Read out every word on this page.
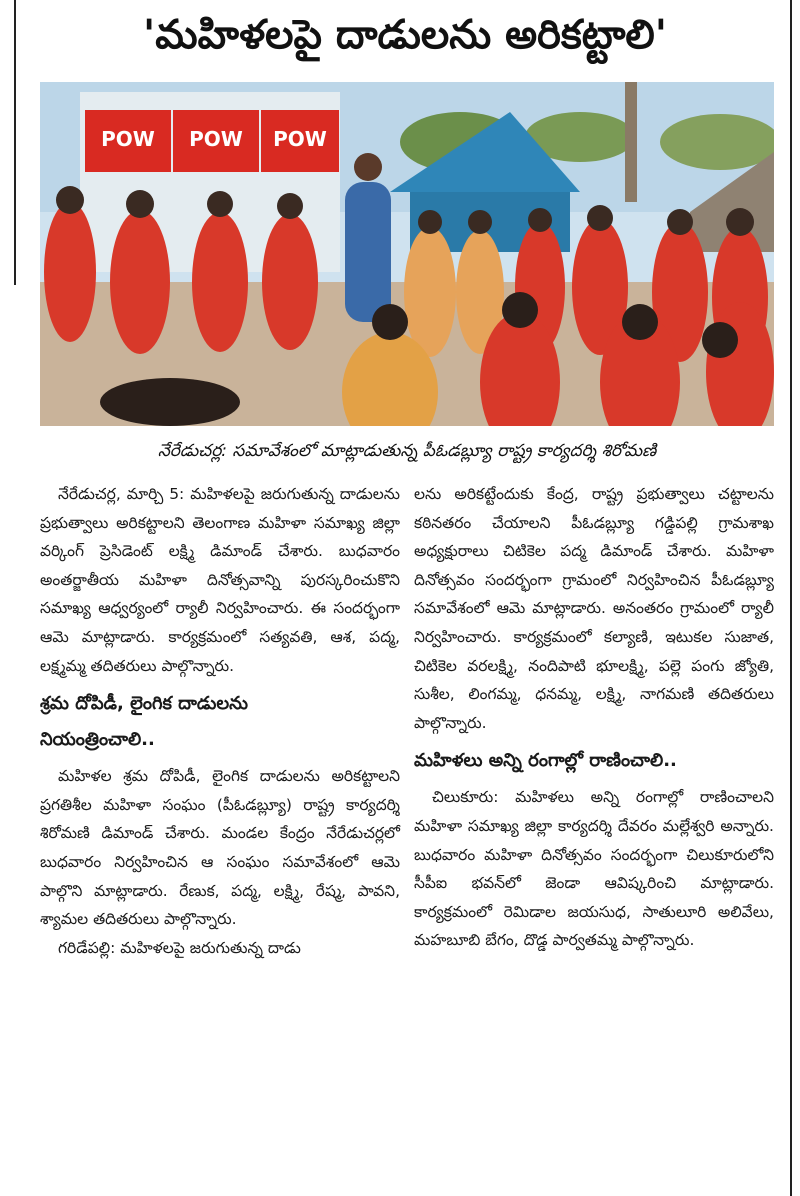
'మహిళలపై దాడులను అరికట్టాలి'
POW POW POW
నేరేడుచర్ల: సమావేశంలో మాట్లాడుతున్న పీఓడబ్ల్యూ రాష్ట్ర కార్యదర్శి శిరోమణి

నేరేడుచర్ల, మార్చి 5: మహిళలపై జరుగుతున్న దాడులను ప్రభుత్వాలు అరికట్టాలని తెలంగాణ మహిళా సమాఖ్య జిల్లా వర్కింగ్ ప్రెసిడెంట్ లక్ష్మి డిమాండ్ చేశారు. బుధవారం అంతర్జాతీయ మహిళా దినోత్సవాన్ని పురస్కరించుకొని సమాఖ్య ఆధ్వర్యంలో ర్యాలీ నిర్వహించారు. ఈ సందర్భంగా ఆమె మాట్లాడారు. కార్యక్రమంలో సత్యవతి, ఆశ, పద్మ, లక్ష్మమ్మ తదితరులు పాల్గొన్నారు.

శ్రమ దోపిడీ, లైంగిక దాడులను
నియంత్రించాలి..

మహిళల శ్రమ దోపిడీ, లైంగిక దాడులను అరికట్టాలని ప్రగతిశీల మహిళా సంఘం (పీఓడబ్ల్యూ) రాష్ట్ర కార్యదర్శి శిరోమణి డిమాండ్ చేశారు. మండల కేంద్రం నేరేడుచర్లలో బుధవారం నిర్వహించిన ఆ సంఘం సమావేశంలో ఆమె పాల్గొని మాట్లాడారు. రేణుక, పద్మ, లక్ష్మి, రేష్మ, పావని, శ్యామల తదితరులు పాల్గొన్నారు.

గరిడేపల్లి: మహిళలపై జరుగుతున్న దాడు

లను అరికట్టేందుకు కేంద్ర, రాష్ట్ర ప్రభుత్వాలు చట్టాలను కఠినతరం చేయాలని పీఓడబ్ల్యూ గడ్డిపల్లి గ్రామశాఖ అధ్యక్షురాలు చిటికెల పద్మ డిమాండ్ చేశారు. మహిళా దినోత్సవం సందర్భంగా గ్రామంలో నిర్వహించిన పీఓడబ్ల్యూ సమావేశంలో ఆమె మాట్లాడారు. అనంతరం గ్రామంలో ర్యాలీ నిర్వహించారు. కార్యక్రమంలో కల్యాణి, ఇటుకల సుజాత, చిటికెల వరలక్ష్మి, నందిపాటి భూలక్ష్మి, పల్లె పంగు జ్యోతి, సుశీల, లింగమ్మ, ధనమ్మ, లక్ష్మి, నాగమణి తదితరులు పాల్గొన్నారు.

మహిళలు అన్ని రంగాల్లో రాణించాలి..

చిలుకూరు: మహిళలు అన్ని రంగాల్లో రాణించాలని మహిళా సమాఖ్య జిల్లా కార్యదర్శి దేవరం మల్లేశ్వరి అన్నారు. బుధవారం మహిళా దినోత్సవం సందర్భంగా చిలుకూరులోని సీపీఐ భవన్‌లో జెండా ఆవిష్కరించి మాట్లాడారు. కార్యక్రమంలో రెమిడాల జయసుధ, సాతులూరి అలివేలు, మహబూబి బేగం, దొడ్డ పార్వతమ్మ పాల్గొన్నారు.
